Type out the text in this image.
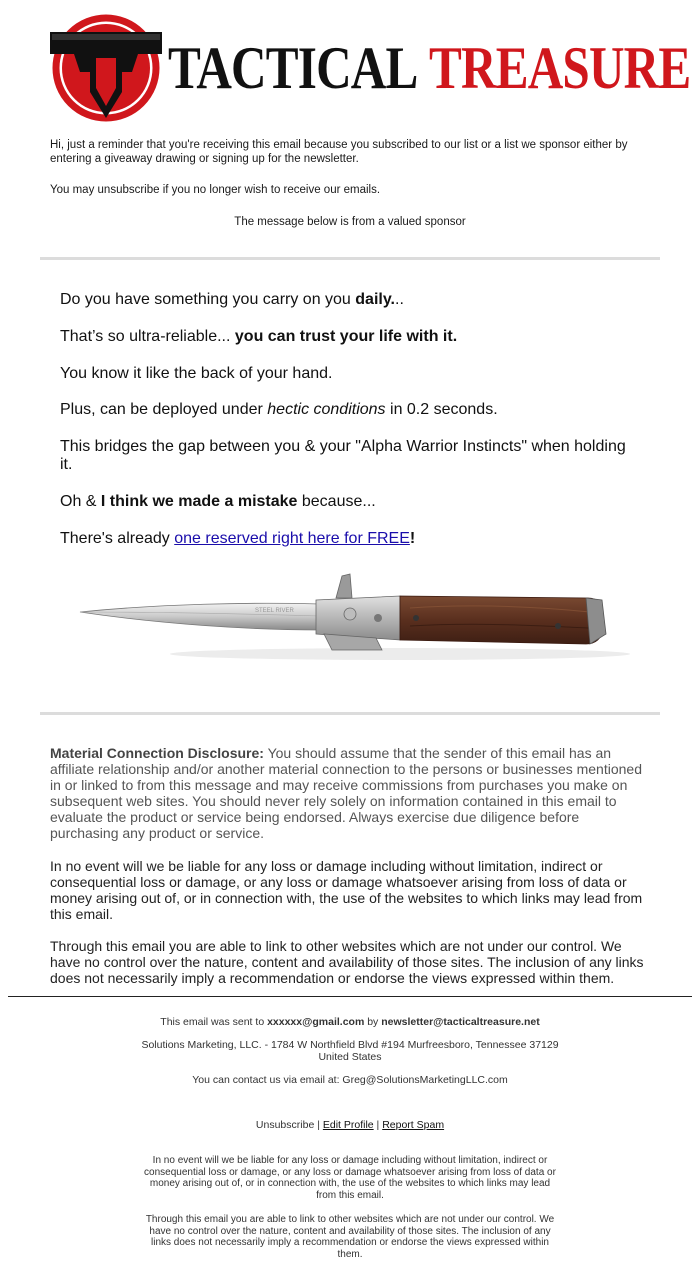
TACTICAL TREASURE

Hi, just a reminder that you're receiving this email because you subscribed to our list or a list we sponsor either by entering a giveaway drawing or signing up for the newsletter.

You may unsubscribe if you no longer wish to receive our emails.

The message below is from a valued sponsor

Do you have something you carry on you daily...

That’s so ultra-reliable... you can trust your life with it.

You know it like the back of your hand.

Plus, can be deployed under hectic conditions in 0.2 seconds.

This bridges the gap between you & your "Alpha Warrior Instincts" when holding it.

Oh & I think we made a mistake because...

There's already one reserved right here for FREE!

STEEL RIVER

Material Connection Disclosure: You should assume that the sender of this email has an affiliate relationship and/or another material connection to the persons or businesses mentioned in or linked to from this message and may receive commissions from purchases you make on subsequent web sites. You should never rely solely on information contained in this email to evaluate the product or service being endorsed. Always exercise due diligence before purchasing any product or service.

In no event will we be liable for any loss or damage including without limitation, indirect or consequential loss or damage, or any loss or damage whatsoever arising from loss of data or money arising out of, or in connection with, the use of the websites to which links may lead from this email.

Through this email you are able to link to other websites which are not under our control. We have no control over the nature, content and availability of those sites. The inclusion of any links does not necessarily imply a recommendation or endorse the views expressed within them.

This email was sent to xxxxxx@gmail.com by newsletter@tacticaltreasure.net

Solutions Marketing, LLC. - 1784 W Northfield Blvd #194 Murfreesboro, Tennessee 37129 United States

You can contact us via email at: Greg@SolutionsMarketingLLC.com

Unsubscribe | Edit Profile | Report Spam

In no event will we be liable for any loss or damage including without limitation, indirect or consequential loss or damage, or any loss or damage whatsoever arising from loss of data or money arising out of, or in connection with, the use of the websites to which links may lead from this email.

Through this email you are able to link to other websites which are not under our control. We have no control over the nature, content and availability of those sites. The inclusion of any links does not necessarily imply a recommendation or endorse the views expressed within them.
